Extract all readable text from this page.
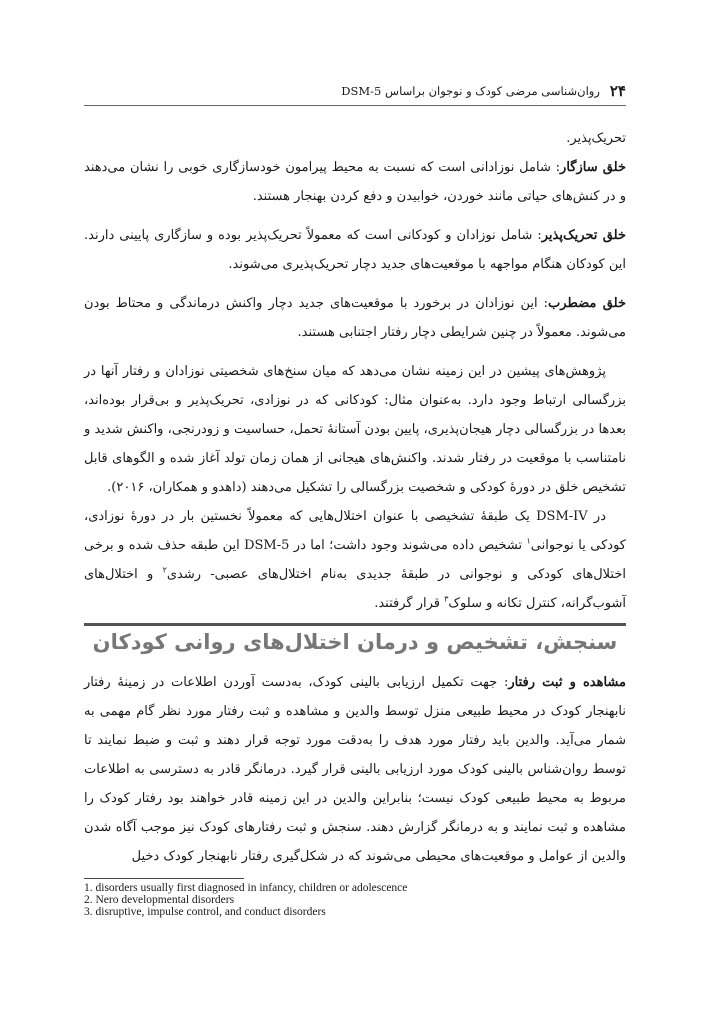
۲۴
روان‌شناسی مرضی کودک و نوجوان براساس DSM-5

تحریک‌پذیر.

خلق سازگار: شامل نوزادانی است که نسبت به محیط پیرامون خودسازگاری خوبی را نشان می‌دهند و در کنش‌های حیاتی مانند خوردن، خوابیدن و دفع کردن بهنجار هستند.

خلق تحریک‌پذیر: شامل نوزادان و کودکانی است که معمولاً تحریک‌پذیر بوده و سازگاری پایینی دارند. این کودکان هنگام مواجهه با موقعیت‌های جدید دچار تحریک‌پذیری می‌شوند.

خلق مضطرب: این نوزادان در برخورد با موقعیت‌های جدید دچار واکنش درماندگی و محتاط بودن می‌شوند. معمولاً در چنین شرایطی دچار رفتار اجتنابی هستند.

پژوهش‌های پیشین در این زمینه نشان می‌دهد که میان سنخ‌های شخصیتی نوزادان و رفتار آنها در بزرگسالی ارتباط وجود دارد. به‌عنوان مثال: کودکانی که در نوزادی، تحریک‌پذیر و بی‌قرار بوده‌اند، بعدها در بزرگسالی دچار هیجان‌پذیری، پایین بودن آستانهٔ تحمل، حساسیت و زودرنجی، واکنش شدید و نامتناسب با موقعیت در رفتار شدند. واکنش‌های هیجانی از همان زمان تولد آغاز شده و الگوهای قابل تشخیص خلق در دورهٔ کودکی و شخصیت بزرگسالی را تشکیل می‌دهند (داهدو و همکاران، ۲۰۱۶).

در DSM-IV یک طبقهٔ تشخیصی با عنوان اختلال‌هایی که معمولاً نخستین بار در دورهٔ نوزادی، کودکی یا نوجوانی$^۱$ تشخیص داده می‌شوند وجود داشت؛ اما در DSM-5 این طبقه حذف شده و برخی اختلال‌های کودکی و نوجوانی در طبقهٔ جدیدی به‌نام اختلال‌های عصبی- رشدی$^۲$ و اختلال‌های آشوب‌گرانه، کنترل تکانه و سلوک$^۳$ قرار گرفتند.

سنجش، تشخیص و درمان اختلال‌های روانی کودکان

مشاهده و ثبت رفتار: جهت تکمیل ارزیابی بالینی کودک، به‌دست آوردن اطلاعات در زمینهٔ رفتار نابهنجار کودک در محیط طبیعی منزل توسط والدین و مشاهده و ثبت رفتار مورد نظر گام مهمی به شمار می‌آید. والدین باید رفتار مورد هدف را به‌دقت مورد توجه قرار دهند و ثبت و ضبط نمایند تا توسط روان‌شناس بالینی کودک مورد ارزیابی بالینی قرار گیرد. درمانگر قادر به دسترسی به اطلاعات مربوط به محیط طبیعی کودک نیست؛ بنابراین والدین در این زمینه قادر خواهند بود رفتار کودک را مشاهده و ثبت نمایند و به درمانگر گزارش دهند. سنجش و ثبت رفتارهای کودک نیز موجب آگاه شدن والدین از عوامل و موقعیت‌های محیطی می‌شوند که در شکل‌گیری رفتار نابهنجار کودک دخیل

1. disorders usually first diagnosed in infancy, children or adolescence
2. Nero developmental disorders
3. disruptive, impulse control, and conduct disorders
